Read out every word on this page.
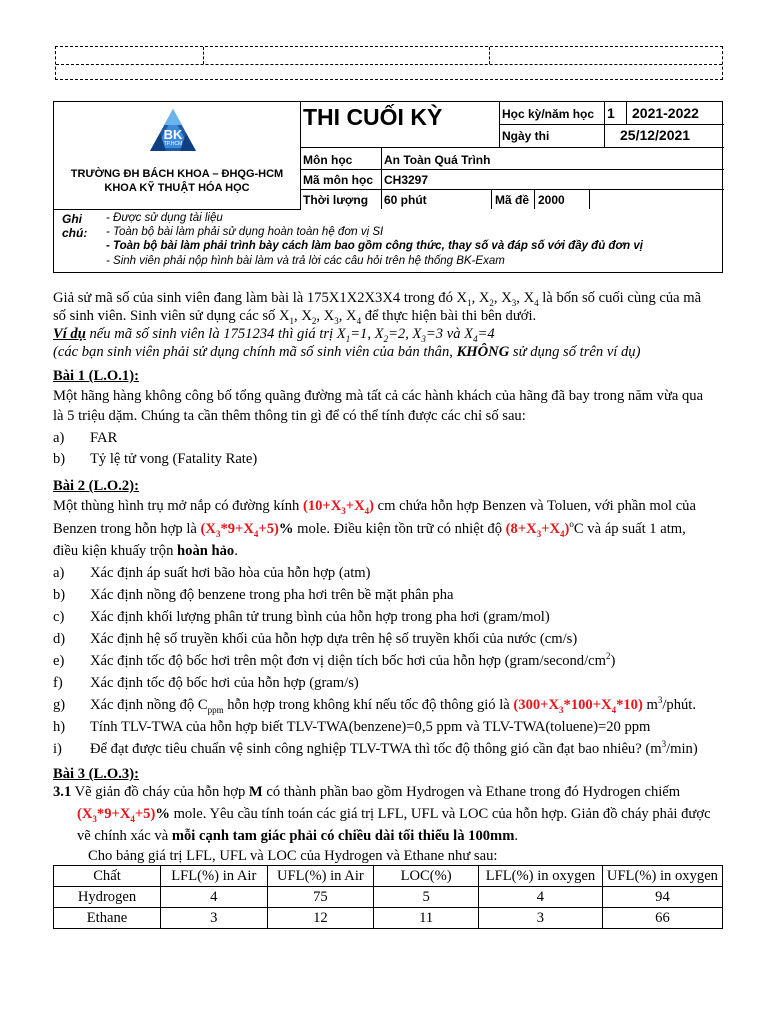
BK
TP.HCM
TRƯỜNG ĐH BÁCH KHOA – ĐHQG-HCM
KHOA KỸ THUẬT HÓA HỌC
THI CUỐI KỲ	Học kỳ/năm học 1 2021-2022
Ngày thi	25/12/2021
Môn học	An Toàn Quá Trình
Mã môn học CH3297
Thời lượng 60 phút	Mã đề 2000
Ghi
chú:
- Được sử dụng tài liệu
- Toàn bộ bài làm phải sử dụng hoàn toàn hệ đơn vị SI
- Toàn bộ bài làm phải trình bày cách làm bao gồm công thức, thay số và đáp số với đầy đủ đơn vị
- Sinh viên phải nộp hình bài làm và trả lời các câu hỏi trên hệ thống BK-Exam
Giả sử mã số của sinh viên đang làm bài là 175X1X2X3X4 trong đó $X_1$, $X_2$, $X_3$, $X_4$ là bốn số cuối cùng của mã
số sinh viên. Sinh viên sử dụng các số $X_1$, $X_2$, $X_3$, $X_4$ để thực hiện bài thi bên dưới.
Ví dụ nếu mã số sinh viên là 1751234 thì giá trị $X_1=1$, $X_2=2$, $X_3=3$ và $X_4=4$
(các bạn sinh viên phải sử dụng chính mã số sinh viên của bản thân, KHÔNG sử dụng số trên ví dụ)
Bài 1 (L.O.1):
Một hãng hàng không công bố tổng quãng đường mà tất cả các hành khách của hãng đã bay trong năm vừa qua
là 5 triệu dặm. Chúng ta cần thêm thông tin gì để có thể tính được các chỉ số sau:
a) FAR
b) Tỷ lệ tử vong (Fatality Rate)
Bài 2 (L.O.2):
Một thùng hình trụ mở nắp có đường kính $(10+X_3+X_4)$ cm chứa hỗn hợp Benzen và Toluen, với phần mol của
Benzen trong hỗn hợp là $(X_3*9+X_4+5)\%$ mole. Điều kiện tồn trữ có nhiệt độ $(8+X_3+X_4)^oC$ và áp suất 1 atm,
điều kiện khuấy trộn hoàn hảo.
a) Xác định áp suất hơi bão hòa của hỗn hợp (atm)
b) Xác định nồng độ benzene trong pha hơi trên bề mặt phân pha
c) Xác định khối lượng phân tử trung bình của hỗn hợp trong pha hơi (gram/mol)
d) Xác định hệ số truyền khối của hỗn hợp dựa trên hệ số truyền khối của nước (cm/s)
e) Xác định tốc độ bốc hơi trên một đơn vị diện tích bốc hơi của hỗn hợp $(gram/second/cm^2)$
f) Xác định tốc độ bốc hơi của hỗn hợp (gram/s)
g) Xác định nồng độ $C_{ppm}$ hỗn hợp trong không khí nếu tốc độ thông gió là $(300+X_3*100+X_4*10)$ $m^3$/phút.
h) Tính TLV-TWA của hỗn hợp biết TLV-TWA(benzene)=0,5 ppm và TLV-TWA(toluene)=20 ppm
i) Để đạt được tiêu chuẩn vệ sinh công nghiệp TLV-TWA thì tốc độ thông gió cần đạt bao nhiêu? $(m^3/\min)$
Bài 3 (L.O.3):
3.1 Vẽ giản đồ cháy của hỗn hợp M có thành phần bao gồm Hydrogen và Ethane trong đó Hydrogen chiếm
$(X_3*9+X_4+5)\%$ mole. Yêu cầu tính toán các giá trị LFL, UFL và LOC của hỗn hợp. Giản đồ cháy phải được
vẽ chính xác và mỗi cạnh tam giác phải có chiều dài tối thiểu là 100mm.
Cho bảng giá trị LFL, UFL và LOC của Hydrogen và Ethane như sau:
Chất	LFL(%) in Air	UFL(%) in Air	LOC(%)	LFL(%) in oxygen	UFL(%) in oxygen
Hydrogen	4	75	5	4	94
Ethane	3	12	11	3	66
